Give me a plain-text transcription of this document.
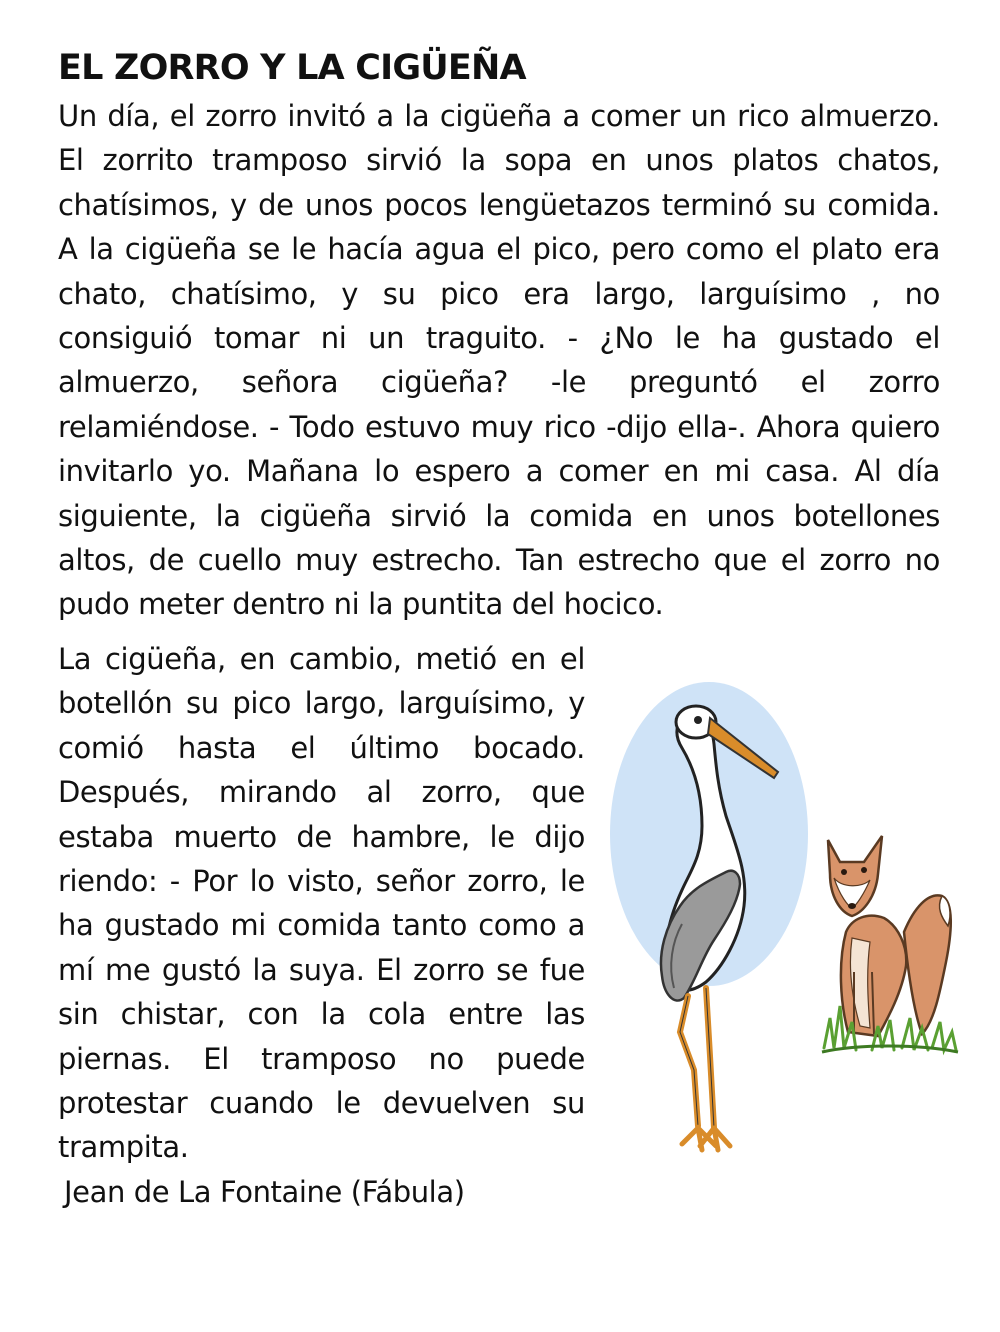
EL ZORRO Y LA CIGÜEÑA

Un día, el zorro invitó a la cigüeña a comer un rico almuerzo. El zorrito tramposo sirvió la sopa en unos platos chatos, chatísimos, y de unos pocos lengüetazos terminó su comida. A la cigüeña se le hacía agua el pico, pero como el plato era chato, chatísimo, y su pico era largo, larguísimo , no consiguió tomar ni un traguito. - ¿No le ha gustado el almuerzo, señora cigüeña? -le preguntó el zorro relamiéndose. - Todo estuvo muy rico -dijo ella-. Ahora quiero invitarlo yo. Mañana lo espero a comer en mi casa. Al día siguiente, la cigüeña sirvió la comida en unos botellones altos, de cuello muy estrecho. Tan estrecho que el zorro no pudo meter dentro ni la puntita del hocico.

La cigüeña, en cambio, metió en el botellón su pico largo, larguísimo, y comió hasta el último bocado. Después, mirando al zorro, que estaba muerto de hambre, le dijo riendo: - Por lo visto, señor zorro, le ha gustado mi comida tanto como a mí me gustó la suya. El zorro se fue sin chistar, con la cola entre las piernas. El tramposo no puede protestar cuando le devuelven su trampita.

Jean de La Fontaine (Fábula)
